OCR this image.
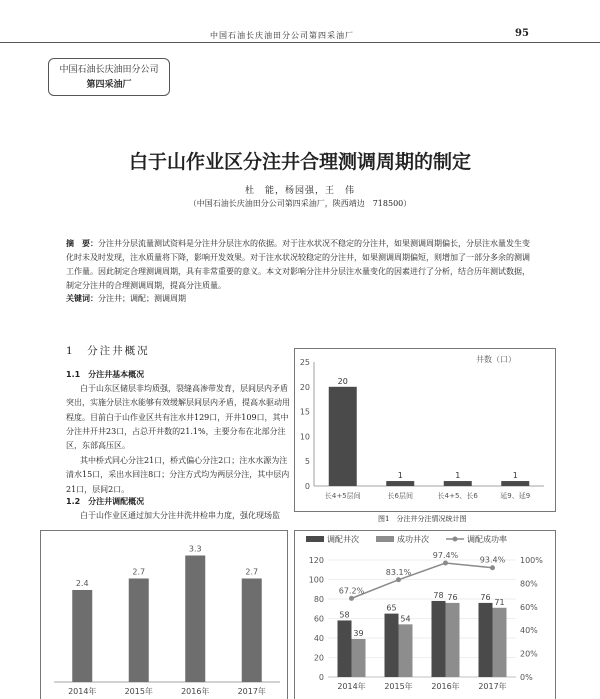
中国石油长庆油田分公司第四采油厂	95
中国石油长庆油田分公司
第四采油厂
白于山作业区分注井合理测调周期的制定
杜　能，杨园强，王　伟
（中国石油长庆油田分公司第四采油厂，陕西靖边　718500）
摘　要：分注井分层流量测试资料是分注井分层注水的依据。对于注水状况不稳定的分注井，如果测调周期偏长，分层注水量发生变化时未及时发现，注水质量将下降，影响开发效果。对于注水状况较稳定的分注井，如果测调周期偏短，则增加了一部分多余的测调工作量。因此制定合理测调周期，具有非常重要的意义。本文对影响分注井分层注水量变化的因素进行了分析，结合历年测试数据，制定分注井的合理测调周期，提高分注质量。
关键词：分注井；调配；测调周期
1　分注井概况
1.1　分注井基本概况
白于山东区储层非均质强，裂缝高渗带发育，层间层内矛盾突出，实施分层注水能够有效缓解层间层内矛盾，提高水驱动用程度。目前白于山作业区共有注水井129口，开井109口，其中分注井开井23口，占总开井数的21.1%，主要分布在北部分注区，东部高压区。
其中桥式同心分注21口，桥式偏心分注2口；注水水源为注清水15口，采出水回注8口；分注方式均为两层分注，其中层内21口，层间2口。
1.2　分注井调配概况
白于山作业区通过加大分注井洗井检串力度，强化现场监
0
5
10
15
20
25
20
长4+5层间
1
长6层间
1
长4+5、长6
1
延9、延9
井数（口）
图1　分注井分注情况统计图
2.4
2014年
2.7
2015年
3.3
2016年
2.7
2017年
调配井次	成功井次	调配成功率
0
20
40
60
80
100
120
0%
20%
40%
60%
80%
100%
58
39
2014年
65
54
2015年
78 76
2016年
76
71
2017年
67.2%
83.1%
97.4%
93.4%
